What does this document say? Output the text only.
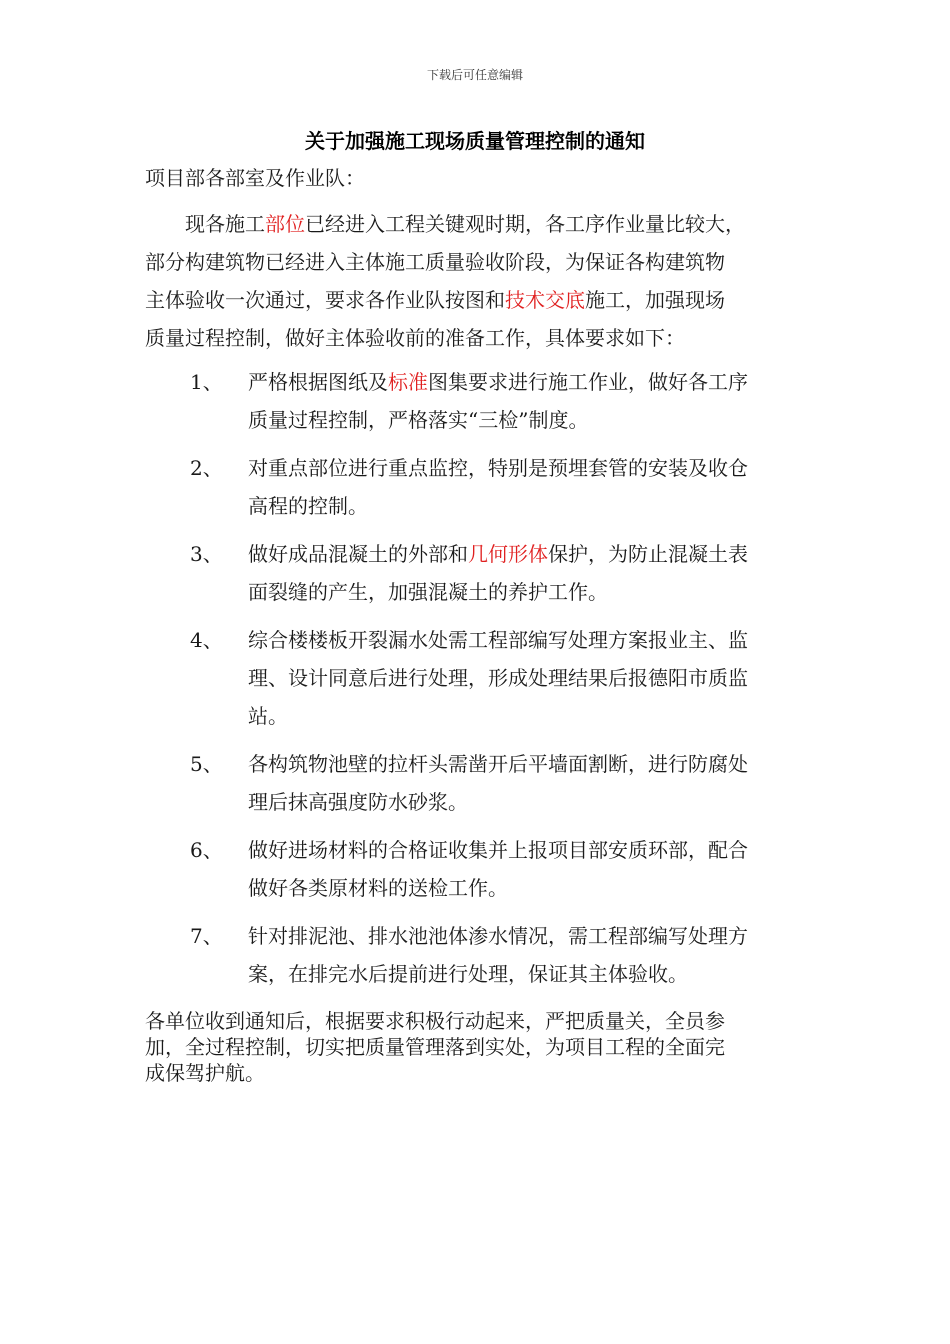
下载后可任意编辑
关于加强施工现场质量管理控制的通知
项目部各部室及作业队：
现各施工部位已经进入工程关键观时期，各工序作业量比较大，
部分构建筑物已经进入主体施工质量验收阶段，为保证各构建筑物
主体验收一次通过，要求各作业队按图和技术交底施工，加强现场
质量过程控制，做好主体验收前的准备工作，具体要求如下：
1、 严格根据图纸及标准图集要求进行施工作业，做好各工序
质量过程控制，严格落实“三检”制度。
2、 对重点部位进行重点监控，特别是预埋套管的安装及收仓
高程的控制。
3、 做好成品混凝土的外部和几何形体保护，为防止混凝土表
面裂缝的产生，加强混凝土的养护工作。
4、 综合楼楼板开裂漏水处需工程部编写处理方案报业主、监
理、设计同意后进行处理，形成处理结果后报德阳市质监
站。
5、 各构筑物池壁的拉杆头需凿开后平墙面割断，进行防腐处
理后抹高强度防水砂浆。
6、 做好进场材料的合格证收集并上报项目部安质环部，配合
做好各类原材料的送检工作。
7、 针对排泥池、排水池池体渗水情况，需工程部编写处理方
案，在排完水后提前进行处理，保证其主体验收。
各单位收到通知后，根据要求积极行动起来，严把质量关，全员参
加，全过程控制，切实把质量管理落到实处，为项目工程的全面完
成保驾护航。
